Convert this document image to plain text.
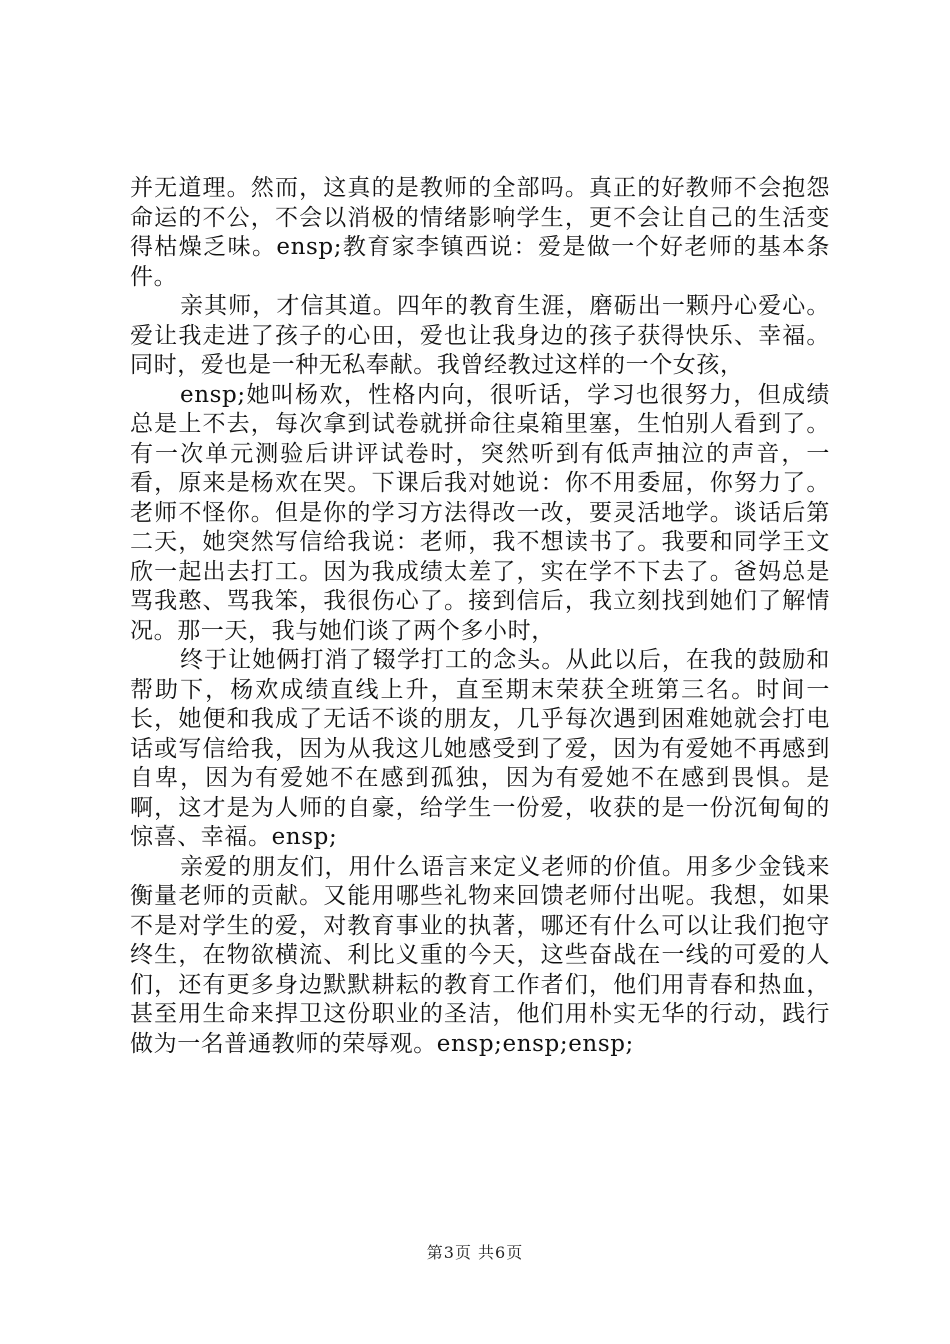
并无道理。然而，这真的是教师的全部吗。真正的好教师不会抱怨命运的不公，不会以消极的情绪影响学生，更不会让自己的生活变得枯燥乏味。ensp;教育家李镇西说：爱是做一个好老师的基本条件。

亲其师，才信其道。四年的教育生涯，磨砺出一颗丹心爱心。爱让我走进了孩子的心田，爱也让我身边的孩子获得快乐、幸福。同时，爱也是一种无私奉献。我曾经教过这样的一个女孩，

ensp;她叫杨欢，性格内向，很听话，学习也很努力，但成绩总是上不去，每次拿到试卷就拼命往桌箱里塞，生怕别人看到了。有一次单元测验后讲评试卷时，突然听到有低声抽泣的声音，一看，原来是杨欢在哭。下课后我对她说：你不用委屈，你努力了。老师不怪你。但是你的学习方法得改一改，要灵活地学。谈话后第二天，她突然写信给我说：老师，我不想读书了。我要和同学王文欣一起出去打工。因为我成绩太差了，实在学不下去了。爸妈总是骂我憨、骂我笨，我很伤心了。接到信后，我立刻找到她们了解情况。那一天，我与她们谈了两个多小时，

终于让她俩打消了辍学打工的念头。从此以后，在我的鼓励和帮助下，杨欢成绩直线上升，直至期末荣获全班第三名。时间一长，她便和我成了无话不谈的朋友，几乎每次遇到困难她就会打电话或写信给我，因为从我这儿她感受到了爱，因为有爱她不再感到自卑，因为有爱她不在感到孤独，因为有爱她不在感到畏惧。是啊，这才是为人师的自豪，给学生一份爱，收获的是一份沉甸甸的惊喜、幸福。ensp;

亲爱的朋友们，用什么语言来定义老师的价值。用多少金钱来衡量老师的贡献。又能用哪些礼物来回馈老师付出呢。我想，如果不是对学生的爱，对教育事业的执著，哪还有什么可以让我们抱守终生，在物欲横流、利比义重的今天，这些奋战在一线的可爱的人们，还有更多身边默默耕耘的教育工作者们，他们用青春和热血，甚至用生命来捍卫这份职业的圣洁，他们用朴实无华的行动，践行做为一名普通教师的荣辱观。ensp;ensp;ensp;

第3页 共6页
